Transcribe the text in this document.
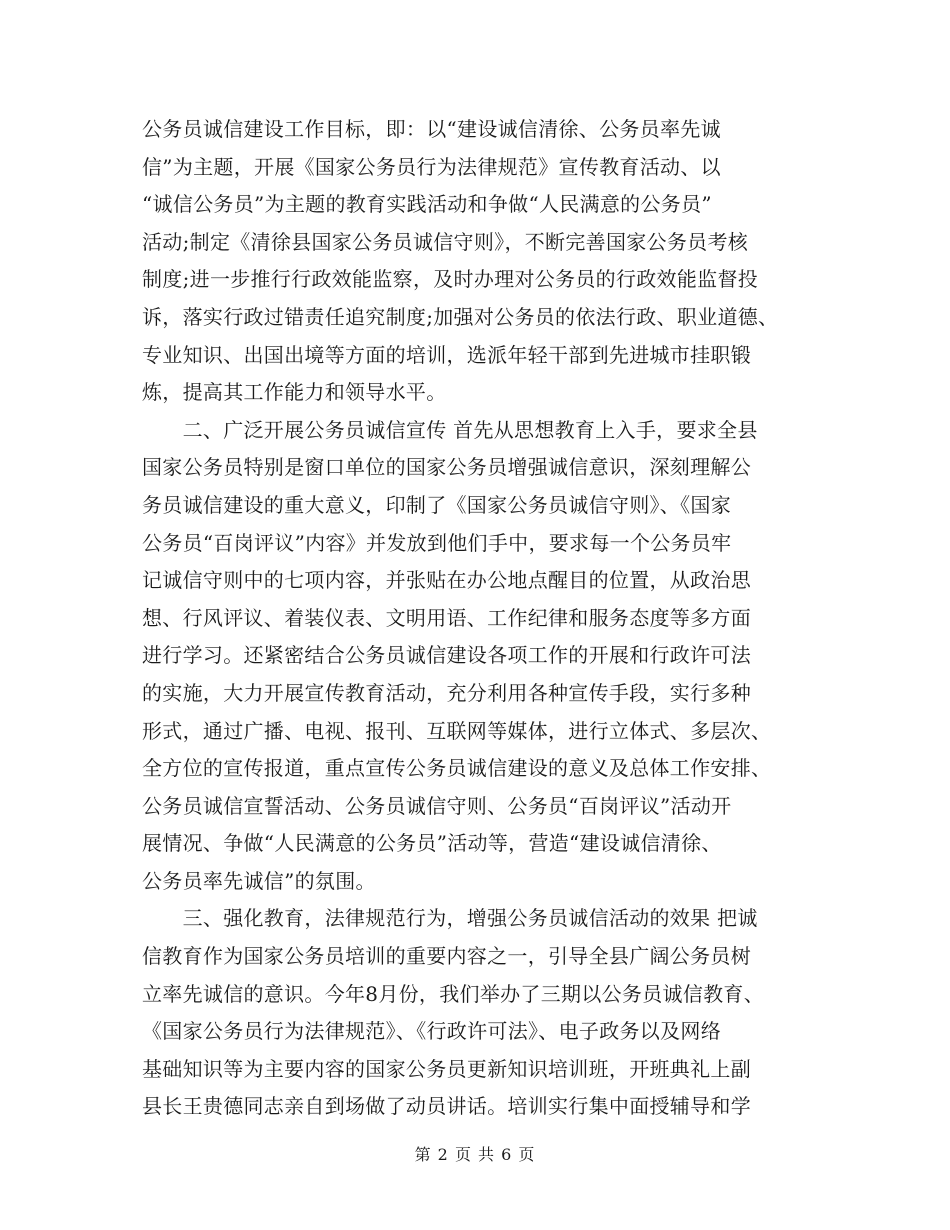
公务员诚信建设工作目标，即：以“建设诚信清徐、公务员率先诚
信”为主题，开展《国家公务员行为法律规范》宣传教育活动、以
“诚信公务员”为主题的教育实践活动和争做“人民满意的公务员”
活动;制定《清徐县国家公务员诚信守则》，不断完善国家公务员考核
制度;进一步推行行政效能监察，及时办理对公务员的行政效能监督投
诉，落实行政过错责任追究制度;加强对公务员的依法行政、职业道德、
专业知识、出国出境等方面的培训，选派年轻干部到先进城市挂职锻
炼，提高其工作能力和领导水平。
　　二、广泛开展公务员诚信宣传 首先从思想教育上入手，要求全县
国家公务员特别是窗口单位的国家公务员增强诚信意识，深刻理解公
务员诚信建设的重大意义，印制了《国家公务员诚信守则》、《国家
公务员“百岗评议”内容》并发放到他们手中，要求每一个公务员牢
记诚信守则中的七项内容，并张贴在办公地点醒目的位置，从政治思
想、行风评议、着装仪表、文明用语、工作纪律和服务态度等多方面
进行学习。还紧密结合公务员诚信建设各项工作的开展和行政许可法
的实施，大力开展宣传教育活动，充分利用各种宣传手段，实行多种
形式，通过广播、电视、报刊、互联网等媒体，进行立体式、多层次、
全方位的宣传报道，重点宣传公务员诚信建设的意义及总体工作安排、
公务员诚信宣誓活动、公务员诚信守则、公务员“百岗评议”活动开
展情况、争做“人民满意的公务员”活动等，营造“建设诚信清徐、
公务员率先诚信”的氛围。
　　三、强化教育，法律规范行为，增强公务员诚信活动的效果 把诚
信教育作为国家公务员培训的重要内容之一，引导全县广阔公务员树
立率先诚信的意识。今年8月份，我们举办了三期以公务员诚信教育、
《国家公务员行为法律规范》、《行政许可法》、电子政务以及网络
基础知识等为主要内容的国家公务员更新知识培训班，开班典礼上副
县长王贵德同志亲自到场做了动员讲话。培训实行集中面授辅导和学
第 2 页 共 6 页
